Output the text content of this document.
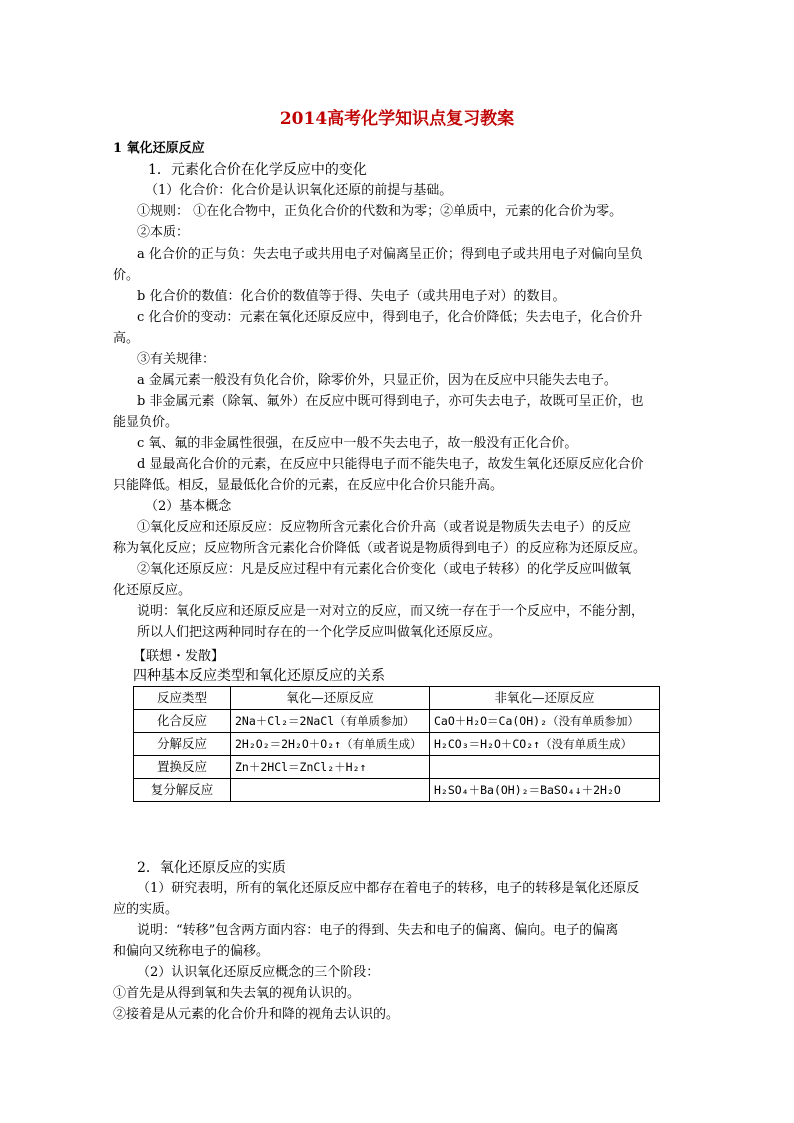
2014高考化学知识点复习教案
1 氧化还原反应
1．元素化合价在化学反应中的变化
（1）化合价：化合价是认识氧化还原的前提与基础。
①规则： ①在化合物中，正负化合价的代数和为零；②单质中，元素的化合价为零。
②本质：
a 化合价的正与负：失去电子或共用电子对偏离呈正价；得到电子或共用电子对偏向呈负
价。
b 化合价的数值：化合价的数值等于得、失电子（或共用电子对）的数目。
c 化合价的变动：元素在氧化还原反应中，得到电子，化合价降低；失去电子，化合价升
高。
③有关规律：
a 金属元素一般没有负化合价，除零价外，只显正价，因为在反应中只能失去电子。
b 非金属元素（除氧、氟外）在反应中既可得到电子，亦可失去电子，故既可呈正价，也
能显负价。
c 氧、氟的非金属性很强，在反应中一般不失去电子，故一般没有正化合价。
d 显最高化合价的元素，在反应中只能得电子而不能失电子，故发生氧化还原反应化合价
只能降低。相反，显最低化合价的元素，在反应中化合价只能升高。
（2）基本概念
①氧化反应和还原反应：反应物所含元素化合价升高（或者说是物质失去电子）的反应
称为氧化反应；反应物所含元素化合价降低（或者说是物质得到电子）的反应称为还原反应。
②氧化还原反应：凡是反应过程中有元素化合价变化（或电子转移）的化学反应叫做氧
化还原反应。
说明：氧化反应和还原反应是一对对立的反应，而又统一存在于一个反应中，不能分割，
所以人们把这两种同时存在的一个化学反应叫做氧化还原反应。
【联想・发散】
四种基本反应类型和氧化还原反应的关系
反应类型	氧化—还原反应	非氧化—还原反应
化合反应	2Na＋Cl₂＝2NaCl（有单质参加）	CaO＋H₂O＝Ca(OH)₂（没有单质参加）
分解反应	2H₂O₂＝2H₂O＋O₂↑（有单质生成）	H₂CO₃＝H₂O＋CO₂↑（没有单质生成）
置换反应	Zn＋2HCl＝ZnCl₂＋H₂↑	
复分解反应		H₂SO₄＋Ba(OH)₂＝BaSO₄↓＋2H₂O
2．氧化还原反应的实质
（1）研究表明，所有的氧化还原反应中都存在着电子的转移，电子的转移是氧化还原反
应的实质。
说明：“转移”包含两方面内容：电子的得到、失去和电子的偏离、偏向。电子的偏离
和偏向又统称电子的偏移。
（2）认识氧化还原反应概念的三个阶段：
①首先是从得到氧和失去氧的视角认识的。
②接着是从元素的化合价升和降的视角去认识的。
